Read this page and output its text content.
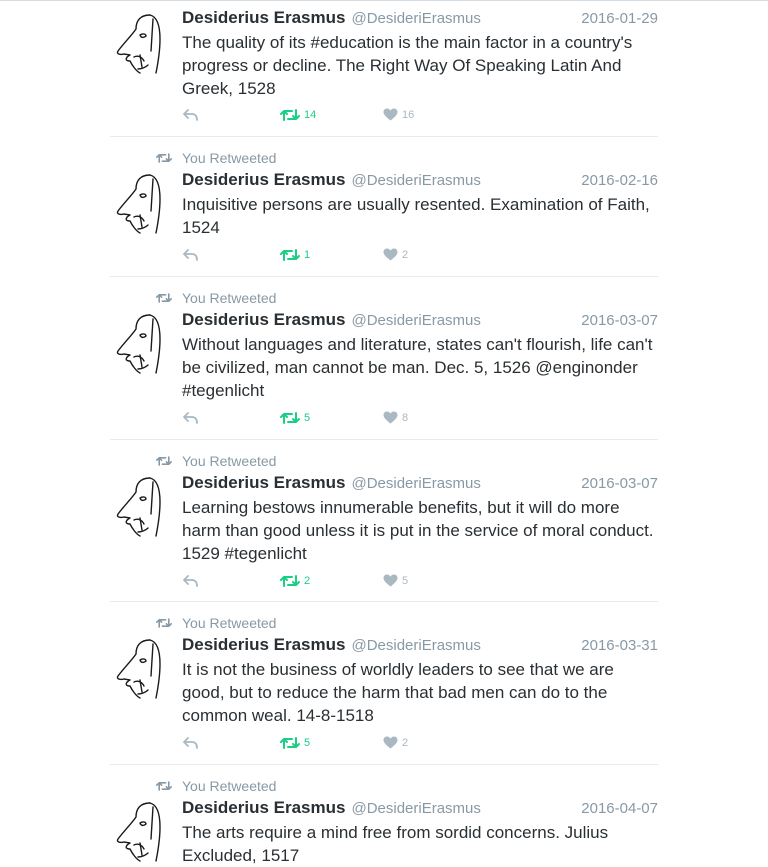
Desiderius Erasmus @DesideriErasmus	2016-01-29
The quality of its #education is the main factor in a country's progress or decline. The Right Way Of Speaking Latin And Greek, 1528
14	16
You Retweeted
Desiderius Erasmus @DesideriErasmus	2016-02-16
Inquisitive persons are usually resented. Examination of Faith, 1524
1	2
You Retweeted
Desiderius Erasmus @DesideriErasmus	2016-03-07
Without languages and literature, states can't flourish, life can't be civilized, man cannot be man. Dec. 5, 1526 @enginonder #tegenlicht
5	8
You Retweeted
Desiderius Erasmus @DesideriErasmus	2016-03-07
Learning bestows innumerable benefits, but it will do more harm than good unless it is put in the service of moral conduct. 1529 #tegenlicht
2	5
You Retweeted
Desiderius Erasmus @DesideriErasmus	2016-03-31
It is not the business of worldly leaders to see that we are good, but to reduce the harm that bad men can do to the common weal. 14-8-1518
5	2
You Retweeted
Desiderius Erasmus @DesideriErasmus	2016-04-07
The arts require a mind free from sordid concerns. Julius Excluded, 1517
